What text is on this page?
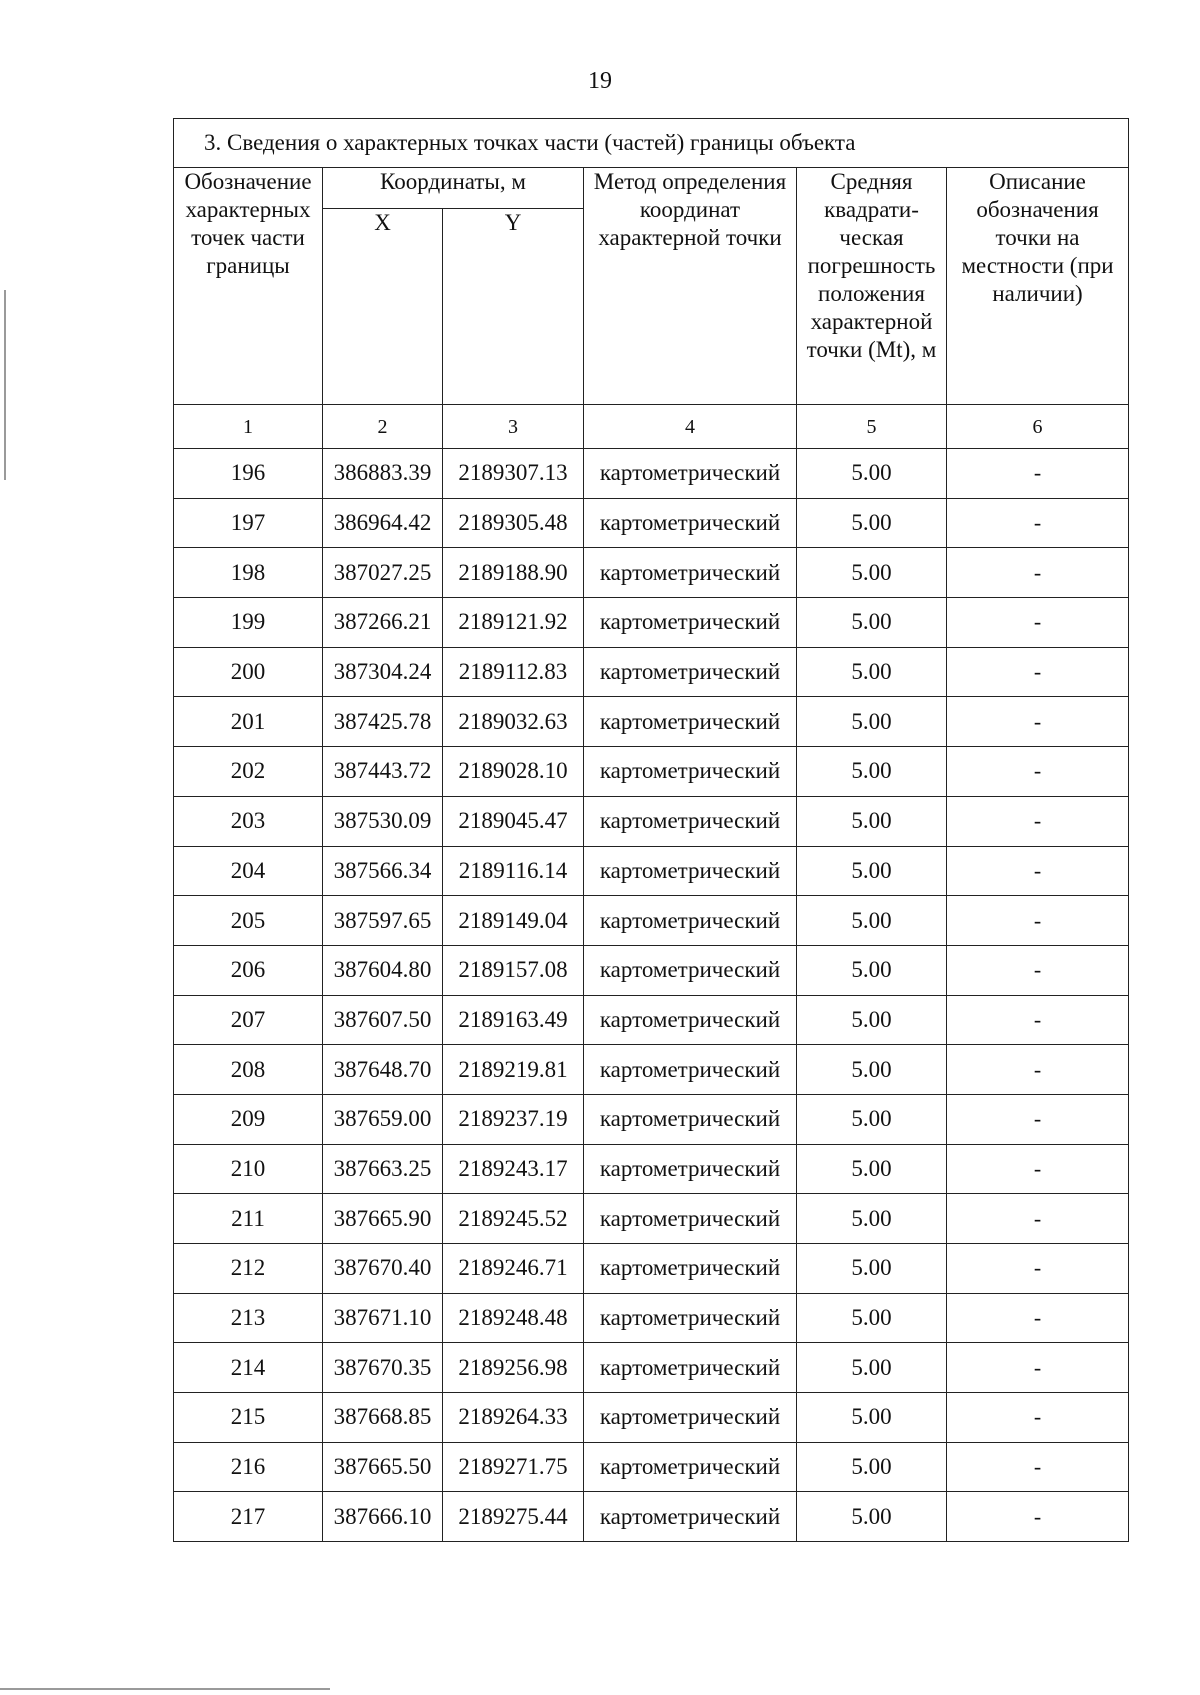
19
3. Сведения о характерных точках части (частей) границы объекта					
Обозначение характерных точек части границы	Координаты, м		Метод определения координат характерной точки	Средняя квадрати- ческая погрешность положения характерной точки (Mt), м	Описание обозначения точки на местности (при наличии)
	X	Y			
1	2	3	4	5	6
196	386883.39	2189307.13	картометрический	5.00	-
197	386964.42	2189305.48	картометрический	5.00	-
198	387027.25	2189188.90	картометрический	5.00	-
199	387266.21	2189121.92	картометрический	5.00	-
200	387304.24	2189112.83	картометрический	5.00	-
201	387425.78	2189032.63	картометрический	5.00	-
202	387443.72	2189028.10	картометрический	5.00	-
203	387530.09	2189045.47	картометрический	5.00	-
204	387566.34	2189116.14	картометрический	5.00	-
205	387597.65	2189149.04	картометрический	5.00	-
206	387604.80	2189157.08	картометрический	5.00	-
207	387607.50	2189163.49	картометрический	5.00	-
208	387648.70	2189219.81	картометрический	5.00	-
209	387659.00	2189237.19	картометрический	5.00	-
210	387663.25	2189243.17	картометрический	5.00	-
211	387665.90	2189245.52	картометрический	5.00	-
212	387670.40	2189246.71	картометрический	5.00	-
213	387671.10	2189248.48	картометрический	5.00	-
214	387670.35	2189256.98	картометрический	5.00	-
215	387668.85	2189264.33	картометрический	5.00	-
216	387665.50	2189271.75	картометрический	5.00	-
217	387666.10	2189275.44	картометрический	5.00	-
